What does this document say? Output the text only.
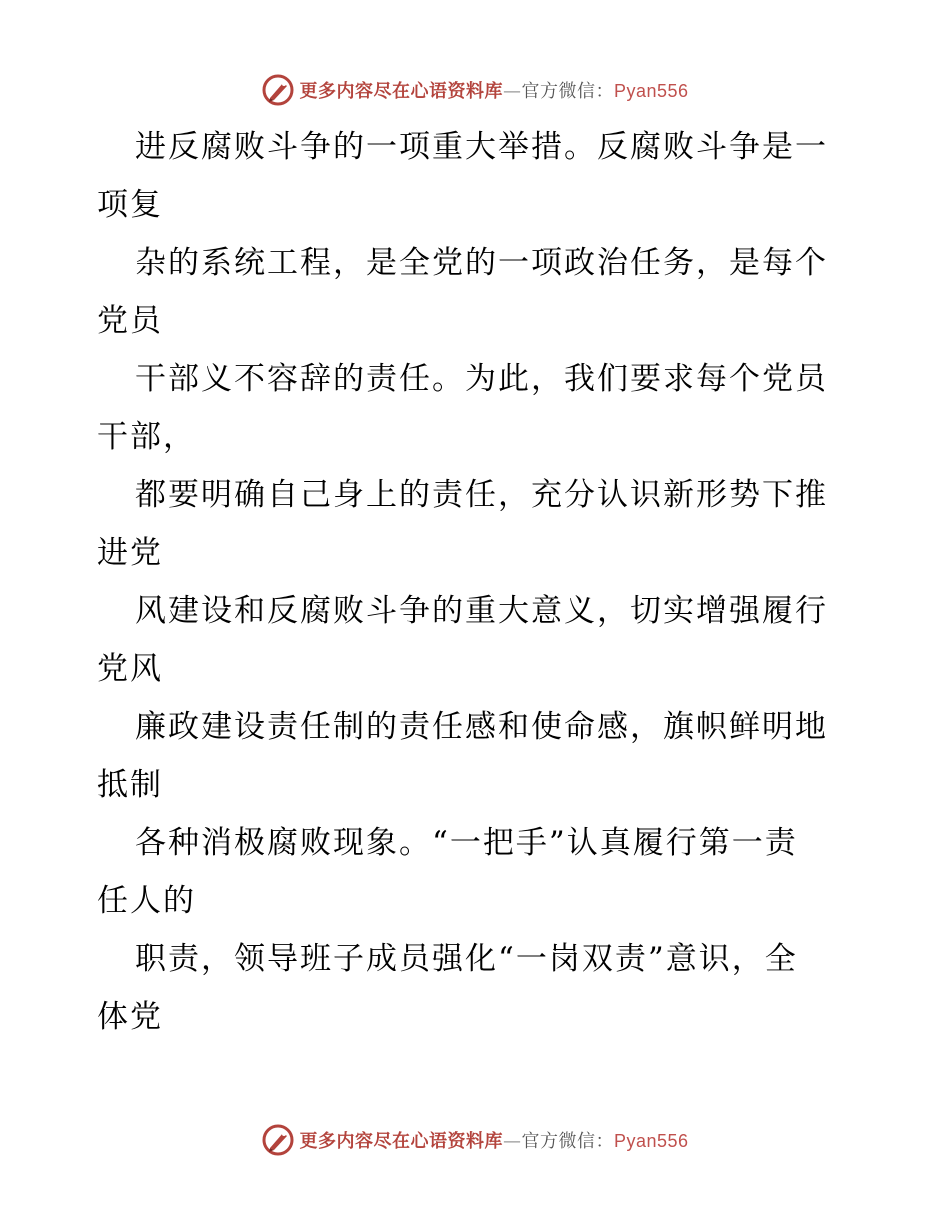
更多内容尽在心语资料库—官方微信：Pyan556
进反腐败斗争的一项重大举措。反腐败斗争是一
项复
杂的系统工程，是全党的一项政治任务，是每个
党员
干部义不容辞的责任。为此，我们要求每个党员
干部，
都要明确自己身上的责任，充分认识新形势下推
进党
风建设和反腐败斗争的重大意义，切实增强履行
党风
廉政建设责任制的责任感和使命感，旗帜鲜明地
抵制
各种消极腐败现象。“一把手”认真履行第一责
任人的
职责，领导班子成员强化“一岗双责”意识，全
体党
更多内容尽在心语资料库—官方微信：Pyan556
